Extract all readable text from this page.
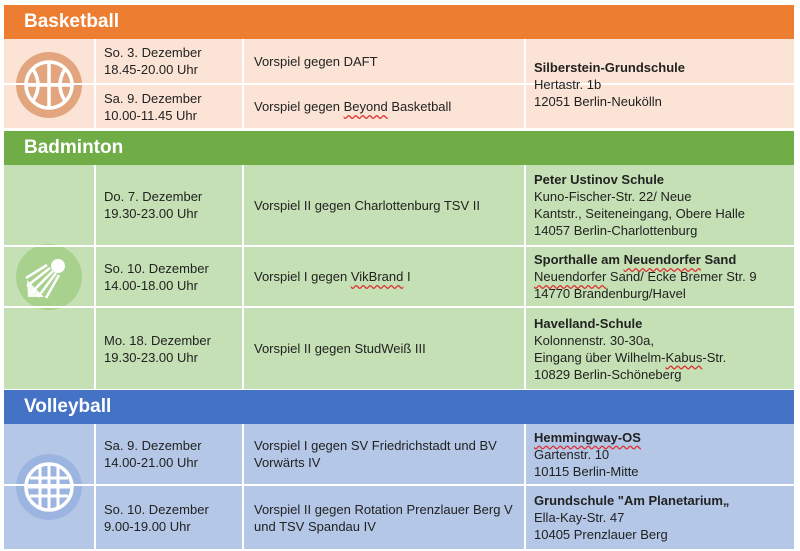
Basketball
So. 3. Dezember
18.45-20.00 Uhr
Vorspiel gegen DAFT
Sa. 9. Dezember
10.00-11.45 Uhr
Vorspiel gegen Beyond Basketball
Silberstein-Grundschule
Hertastr. 1b
12051 Berlin-Neukölln
Badminton
Do. 7. Dezember
19.30-23.00 Uhr
Vorspiel II gegen Charlottenburg TSV II
Peter Ustinov Schule
Kuno-Fischer-Str. 22/ Neue
Kantstr., Seiteneingang, Obere Halle
14057 Berlin-Charlottenburg
So. 10. Dezember
14.00-18.00 Uhr
Vorspiel I gegen VikBrand I
Sporthalle am Neuendorfer Sand
Neuendorfer Sand/ Ecke Bremer Str. 9
14770 Brandenburg/Havel
Mo. 18. Dezember
19.30-23.00 Uhr
Vorspiel II gegen StudWeiß III
Havelland-Schule
Kolonnenstr. 30-30a,
Eingang über Wilhelm-Kabus-Str.
10829 Berlin-Schöneberg
Volleyball
Sa. 9. Dezember
14.00-21.00 Uhr
Vorspiel I gegen SV Friedrichstadt und BV
Vorwärts IV
Hemmingway-OS
Gartenstr. 10
10115 Berlin-Mitte
So. 10. Dezember
9.00-19.00 Uhr
Vorspiel II gegen Rotation Prenzlauer Berg V
und TSV Spandau IV
Grundschule "Am Planetarium„
Ella-Kay-Str. 47
10405 Prenzlauer Berg
